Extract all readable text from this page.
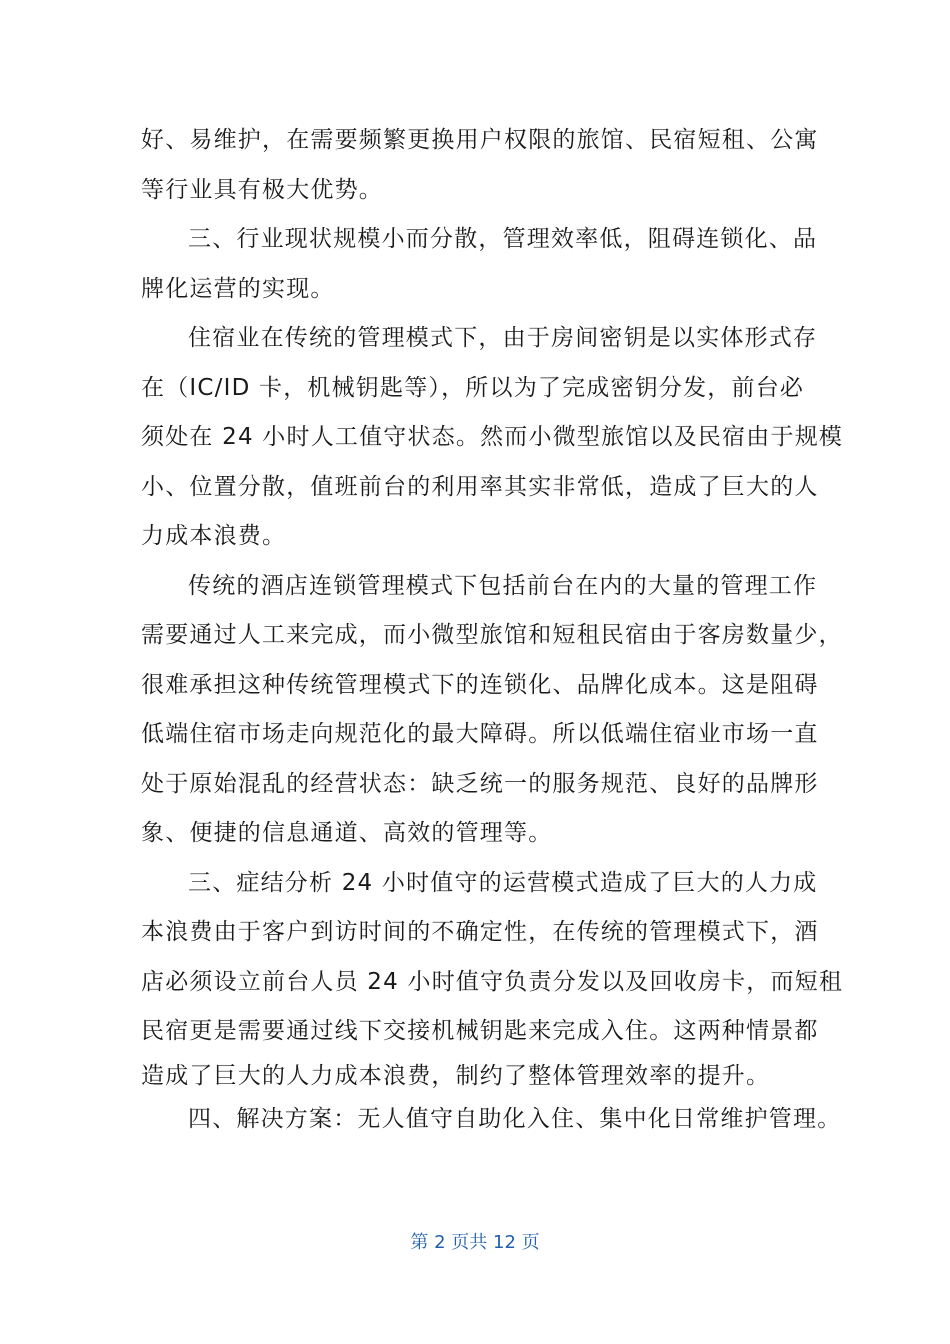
好、易维护，在需要频繁更换用户权限的旅馆、民宿短租、公寓
等行业具有极大优势。
三、行业现状规模小而分散，管理效率低，阻碍连锁化、品
牌化运营的实现。
住宿业在传统的管理模式下，由于房间密钥是以实体形式存
在（IC/ID 卡，机械钥匙等），所以为了完成密钥分发，前台必
须处在 24 小时人工值守状态。然而小微型旅馆以及民宿由于规模
小、位置分散，值班前台的利用率其实非常低，造成了巨大的人
力成本浪费。
传统的酒店连锁管理模式下包括前台在内的大量的管理工作
需要通过人工来完成，而小微型旅馆和短租民宿由于客房数量少，
很难承担这种传统管理模式下的连锁化、品牌化成本。这是阻碍
低端住宿市场走向规范化的最大障碍。所以低端住宿业市场一直
处于原始混乱的经营状态：缺乏统一的服务规范、良好的品牌形
象、便捷的信息通道、高效的管理等。
三、症结分析 24 小时值守的运营模式造成了巨大的人力成
本浪费由于客户到访时间的不确定性，在传统的管理模式下，酒
店必须设立前台人员 24 小时值守负责分发以及回收房卡，而短租
民宿更是需要通过线下交接机械钥匙来完成入住。这两种情景都
造成了巨大的人力成本浪费，制约了整体管理效率的提升。
四、解决方案：无人值守自助化入住、集中化日常维护管理。
第 2 页共 12 页
